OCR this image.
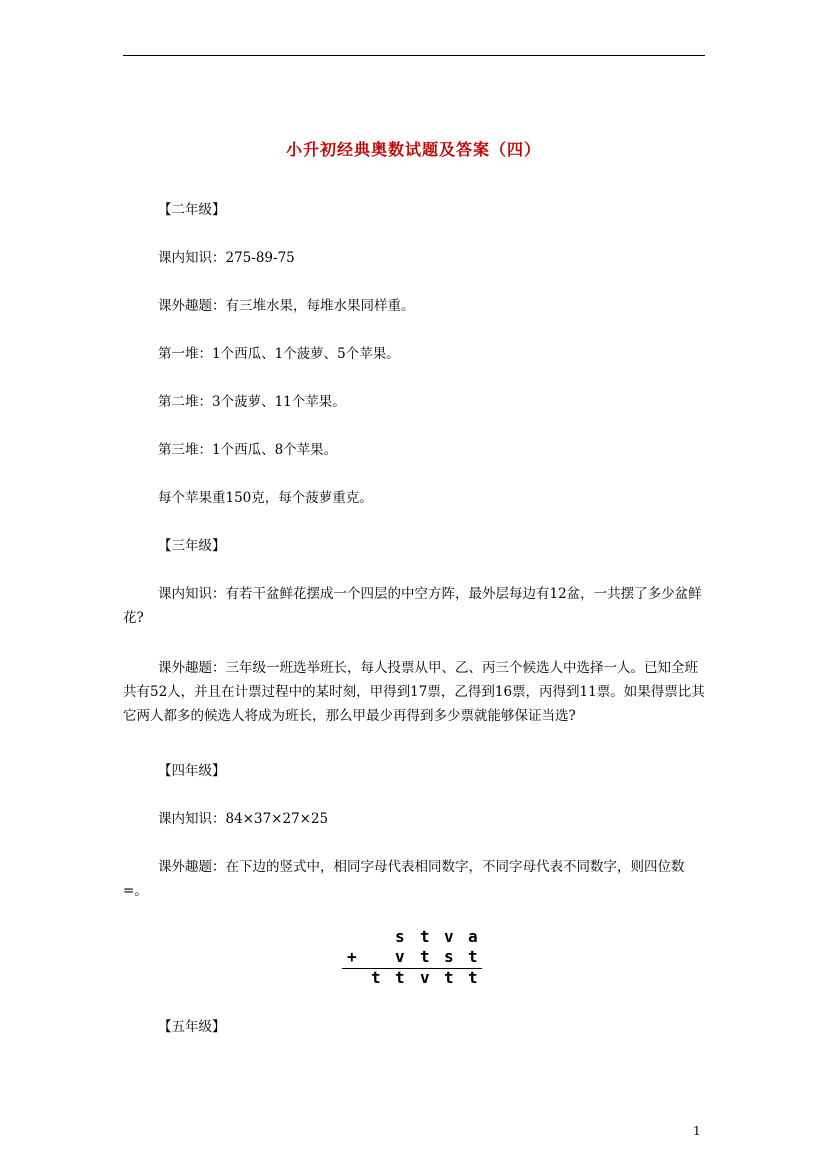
小升初经典奥数试题及答案（四）
【二年级】
课内知识：275-89-75
课外趣题：有三堆水果，每堆水果同样重。
第一堆：1个西瓜、1个菠萝、5个苹果。
第二堆：3个菠萝、11个苹果。
第三堆：1个西瓜、8个苹果。
每个苹果重150克，每个菠萝重克。
【三年级】
课内知识：有若干盆鲜花摆成一个四层的中空方阵，最外层每边有12盆，一共摆了多少盆鲜花?
课外趣题：三年级一班选举班长，每人投票从甲、乙、丙三个候选人中选择一人。已知全班共有52人，并且在计票过程中的某时刻，甲得到17票，乙得到16票，丙得到11票。如果得票比其它两人都多的候选人将成为班长，那么甲最少再得到多少票就能够保证当选?
【四年级】
课内知识：84×37×27×25
课外趣题：在下边的竖式中，相同字母代表相同数字，不同字母代表不同数字，则四位数=。
s t v a
+ v t s t
t t v t t
【五年级】
1
